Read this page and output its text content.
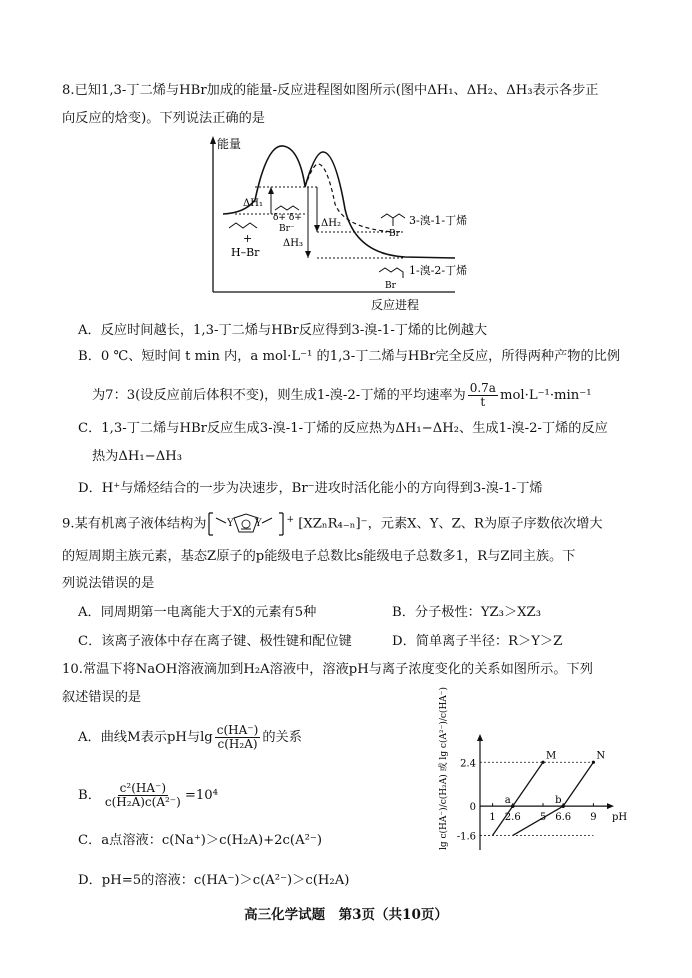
8.已知1,3-丁二烯与HBr加成的能量-反应进程图如图所示(图中ΔH₁、ΔH₂、ΔH₃表示各步正
向反应的焓变)。下列说法正确的是
能量
反应进程
ΔH₁
ΔH₂
ΔH₃
+
H–Br
δ+ δ+
Br⁻	Br
3-溴-1-丁烯
Br
1-溴-2-丁烯
A．反应时间越长，1,3-丁二烯与HBr反应得到3-溴-1-丁烯的比例越大
B．0 ℃、短时间 t min 内，a mol·L⁻¹ 的1,3-丁二烯与HBr完全反应，所得两种产物的比例
为7：3(设反应前后体积不变)，则生成1-溴-2-丁烯的平均速率为 $\frac{0.7a}{t} mol\cdot L^{-1}\cdot\min^{-1}$
C．1,3-丁二烯与HBr反应生成3-溴-1-丁烯的反应热为ΔH₁−ΔH₂、生成1-溴-2-丁烯的反应
热为ΔH₁−ΔH₃
D．H⁺与烯烃结合的一步为决速步，Br⁻进攻时活化能小的方向得到3-溴-1-丁烯
9.某有机离子液体结构为 Y Y	+ [XZₙR₄₋ₙ]⁻，元素X、Y、Z、R为原子序数依次增大
的短周期主族元素，基态Z原子的p能级电子总数比s能级电子总数多1，R与Z同主族。下
列说法错误的是
A．同周期第一电离能大于X的元素有5种	B．分子极性：YZ₃＞XZ₃
C．该离子液体中存在离子键、极性键和配位键	D．简单离子半径：R＞Y＞Z
10.常温下将NaOH溶液滴加到H₂A溶液中，溶液pH与离子浓度变化的关系如图所示。下列
叙述错误的是
A．曲线M表示pH与$\lg \frac{c(HA^-)}{\text{c(H₂A)}}$ 的关系
B． $\frac{\text{c²(HA⁻)}}{\text{c(H₂A)c(A²⁻)}} =10^4$
C．a点溶液：c(Na⁺)＞c(H₂A)+2c(A²⁻)
D．pH=5的溶液：c(HA⁻)＞c(A²⁻)＞c(H₂A)
lg c(HA⁻)/c(H₂A) 或 lg c(A²⁻)/c(HA⁻)	pH
2.4
0
-1.6
1 2.6 5 6.6 9
M	N
a	b
高三化学试题　第3页（共10页）
